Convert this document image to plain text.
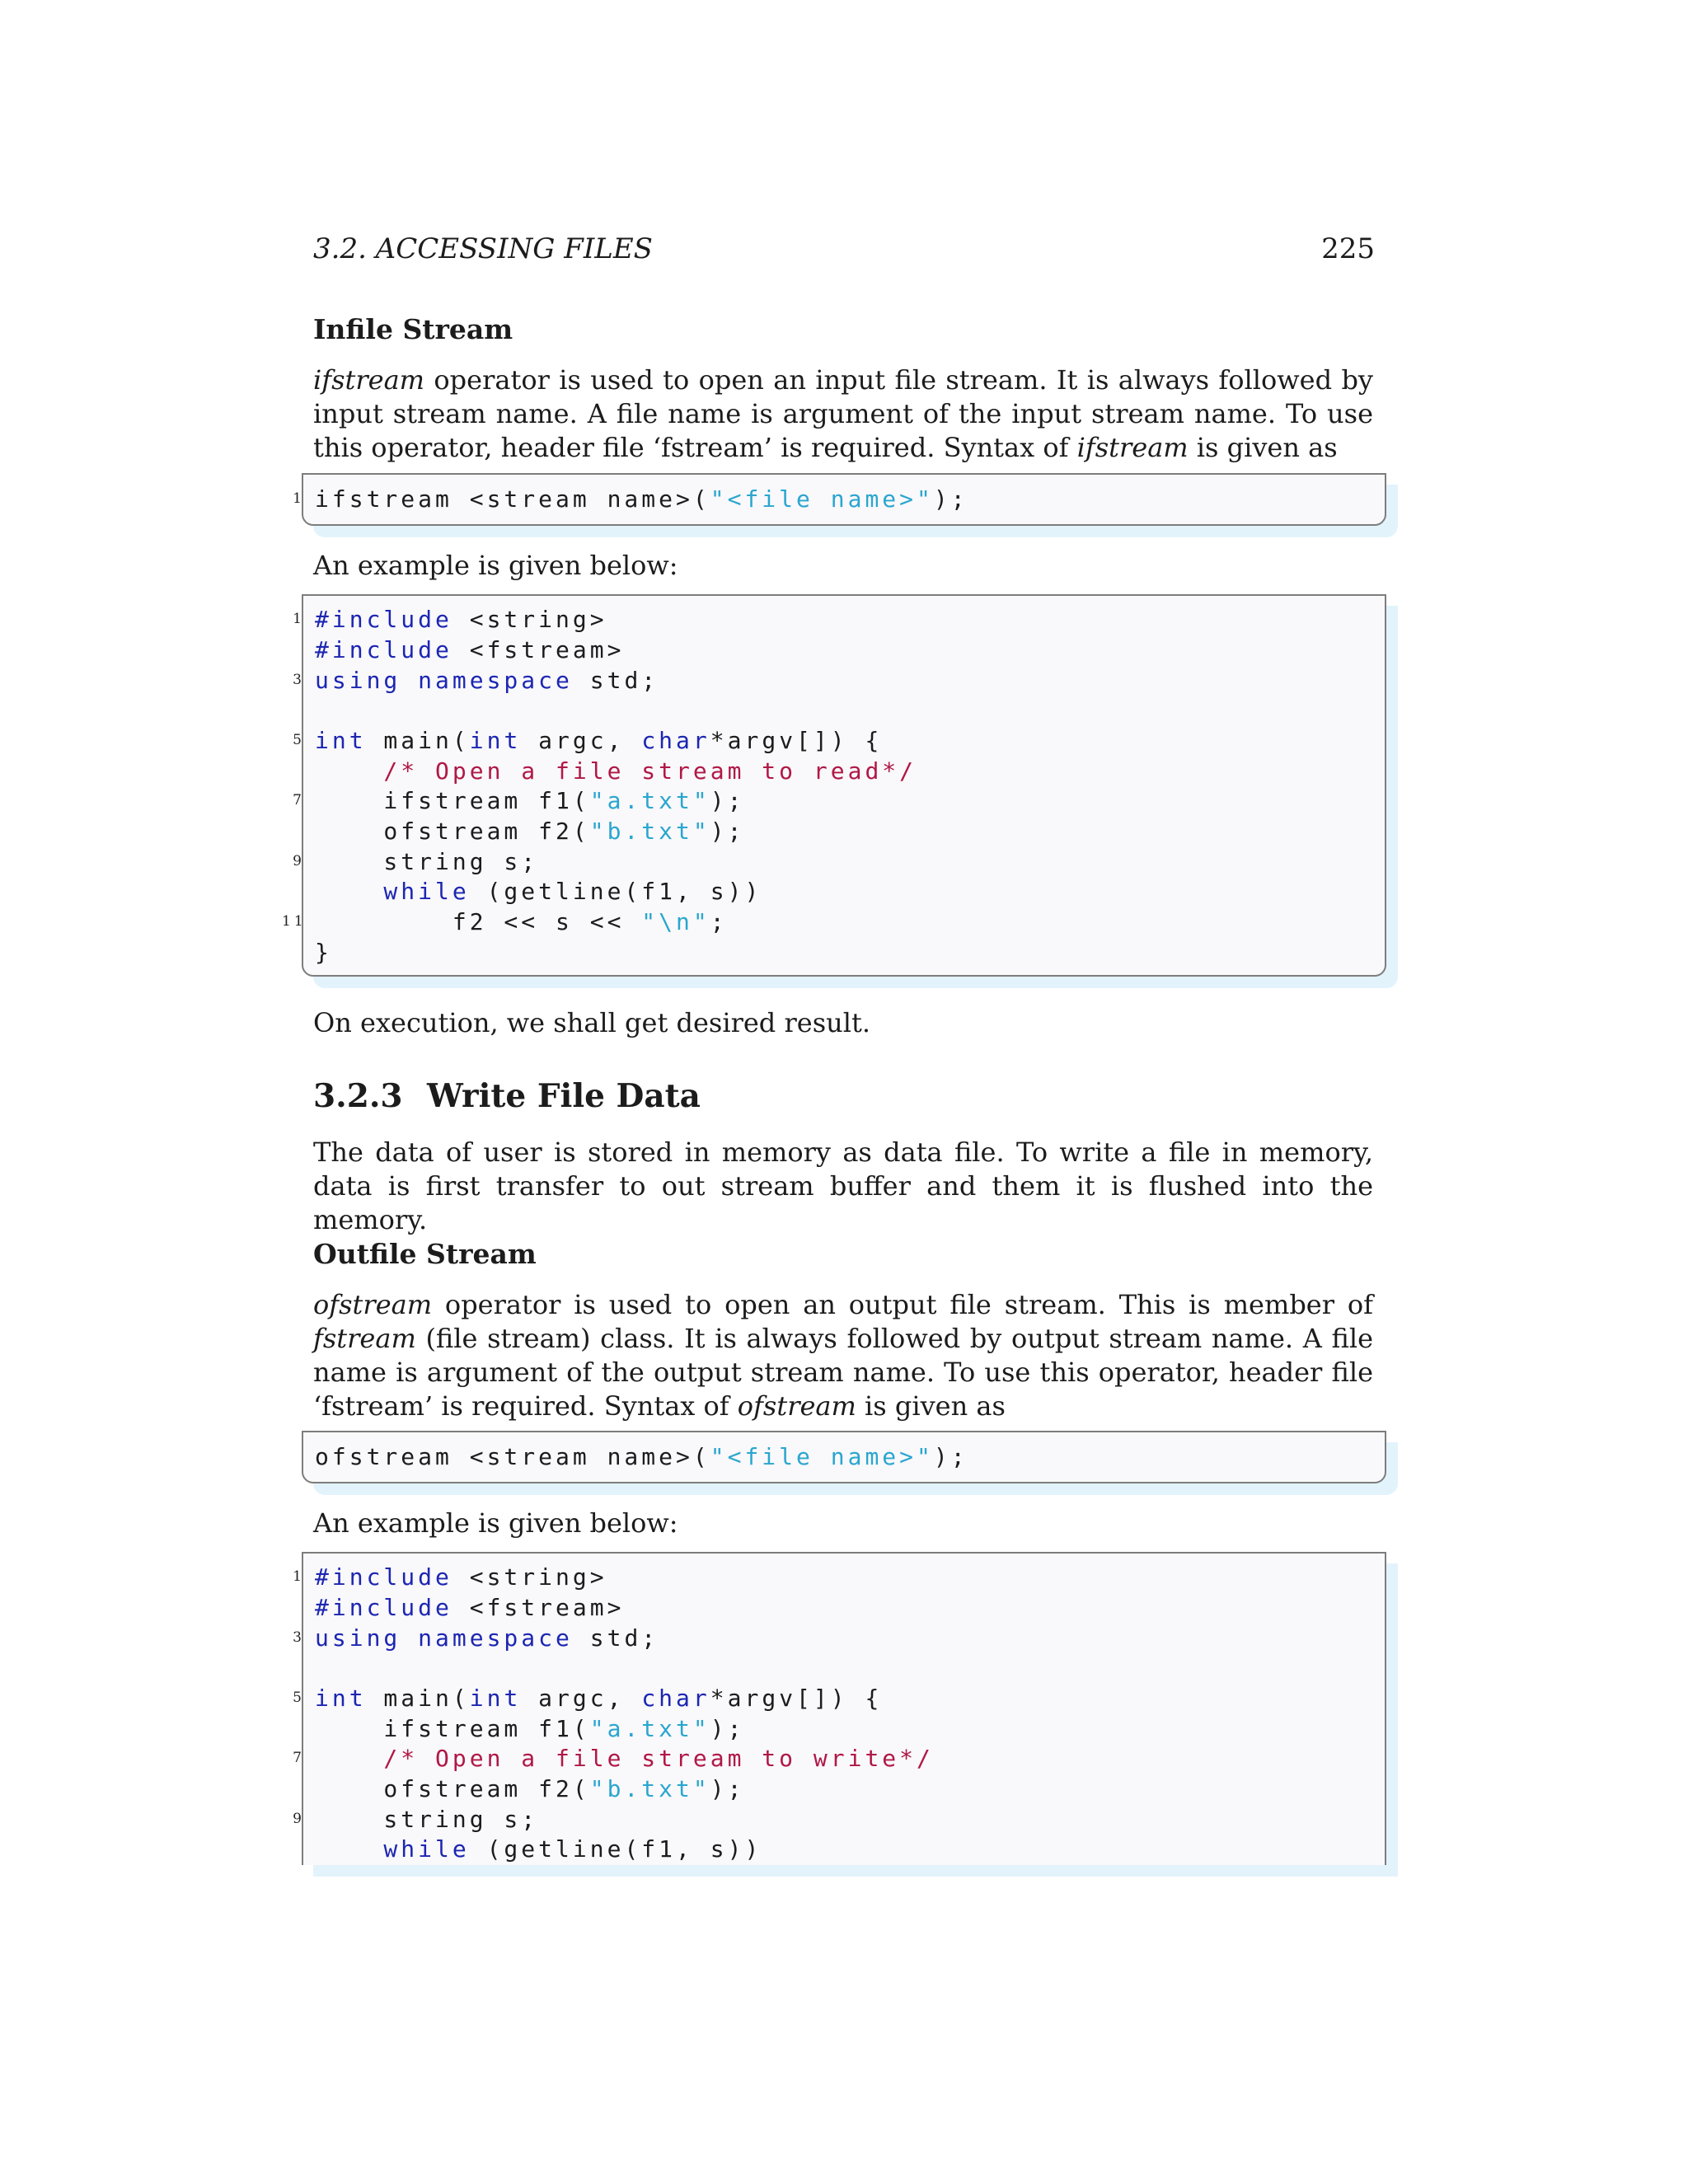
3.2. ACCESSING FILES	225
Infile Stream
ifstream operator is used to open an input file stream. It is always followed by input stream name. A file name is argument of the input stream name. To use this operator, header file ‘fstream’ is required. Syntax of ifstream is given as
1 ifstream <stream name>("<file name>");
An example is given below:
1 #include <string>
#include <fstream>
3 using namespace std;
5 int main(int argc, char*argv[]) {
/* Open a file stream to read*/
7 ifstream f1("a.txt");
ofstream f2("b.txt");
9 string s;
while (getline(f1, s))
11 f2 << s << "\n";
}
On execution, we shall get desired result.
3.2.3 Write File Data
The data of user is stored in memory as data file. To write a file in memory, data is first transfer to out stream buffer and them it is flushed into the memory.
Outfile Stream
ofstream operator is used to open an output file stream. This is member of fstream (file stream) class. It is always followed by output stream name. A file name is argument of the output stream name. To use this operator, header file ‘fstream’ is required. Syntax of ofstream is given as
ofstream <stream name>("<file name>");
An example is given below:
1 #include <string>
#include <fstream>
3 using namespace std;
5 int main(int argc, char*argv[]) {
ifstream f1("a.txt");
7 /* Open a file stream to write*/
ofstream f2("b.txt");
9 string s;
while (getline(f1, s))
